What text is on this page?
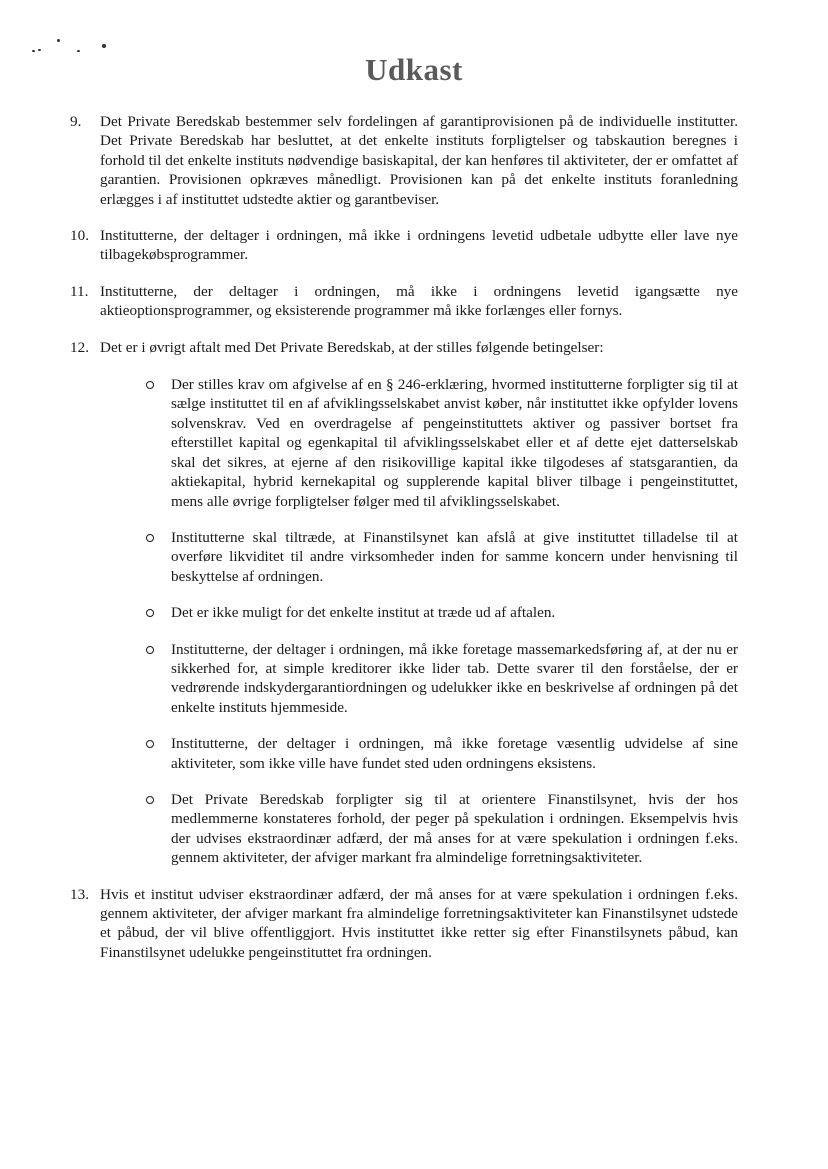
Udkast
9. Det Private Beredskab bestemmer selv fordelingen af garantiprovisionen på de individuelle institutter. Det Private Beredskab har besluttet, at det enkelte instituts forpligtelser og tabskaution beregnes i forhold til det enkelte instituts nødvendige basiskapital, der kan henføres til aktiviteter, der er omfattet af garantien. Provisionen opkræves månedligt. Provisionen kan på det enkelte instituts foranledning erlægges i af instituttet udstedte aktier og garantbeviser.
10. Institutterne, der deltager i ordningen, må ikke i ordningens levetid udbetale udbytte eller lave nye tilbagekøbsprogrammer.
11. Institutterne, der deltager i ordningen, må ikke i ordningens levetid igangsætte nye aktieoptionsprogrammer, og eksisterende programmer må ikke forlænges eller fornys.
12. Det er i øvrigt aftalt med Det Private Beredskab, at der stilles følgende betingelser:
Der stilles krav om afgivelse af en § 246-erklæring, hvormed institutterne forpligter sig til at sælge instituttet til en af afviklingsselskabet anvist køber, når instituttet ikke opfylder lovens solvenskrav. Ved en overdragelse af pengeinstituttets aktiver og passiver bortset fra efterstillet kapital og egenkapital til afviklingsselskabet eller et af dette ejet datterselskab skal det sikres, at ejerne af den risikovillige kapital ikke tilgodeses af statsgarantien, da aktiekapital, hybrid kernekapital og supplerende kapital bliver tilbage i pengeinstituttet, mens alle øvrige forpligtelser følger med til afviklingsselskabet.
Institutterne skal tiltræde, at Finanstilsynet kan afslå at give instituttet tilladelse til at overføre likviditet til andre virksomheder inden for samme koncern under henvisning til beskyttelse af ordningen.
Det er ikke muligt for det enkelte institut at træde ud af aftalen.
Institutterne, der deltager i ordningen, må ikke foretage massemarkedsføring af, at der nu er sikkerhed for, at simple kreditorer ikke lider tab. Dette svarer til den forståelse, der er vedrørende indskydergarantiordningen og udelukker ikke en beskrivelse af ordningen på det enkelte instituts hjemmeside.
Institutterne, der deltager i ordningen, må ikke foretage væsentlig udvidelse af sine aktiviteter, som ikke ville have fundet sted uden ordningens eksistens.
Det Private Beredskab forpligter sig til at orientere Finanstilsynet, hvis der hos medlemmerne konstateres forhold, der peger på spekulation i ordningen. Eksempelvis hvis der udvises ekstraordinær adfærd, der må anses for at være spekulation i ordningen f.eks. gennem aktiviteter, der afviger markant fra almindelige forretningsaktiviteter.
13. Hvis et institut udviser ekstraordinær adfærd, der må anses for at være spekulation i ordningen f.eks. gennem aktiviteter, der afviger markant fra almindelige forretningsaktiviteter kan Finanstilsynet udstede et påbud, der vil blive offentliggjort. Hvis instituttet ikke retter sig efter Finanstilsynets påbud, kan Finanstilsynet udelukke pengeinstituttet fra ordningen.
